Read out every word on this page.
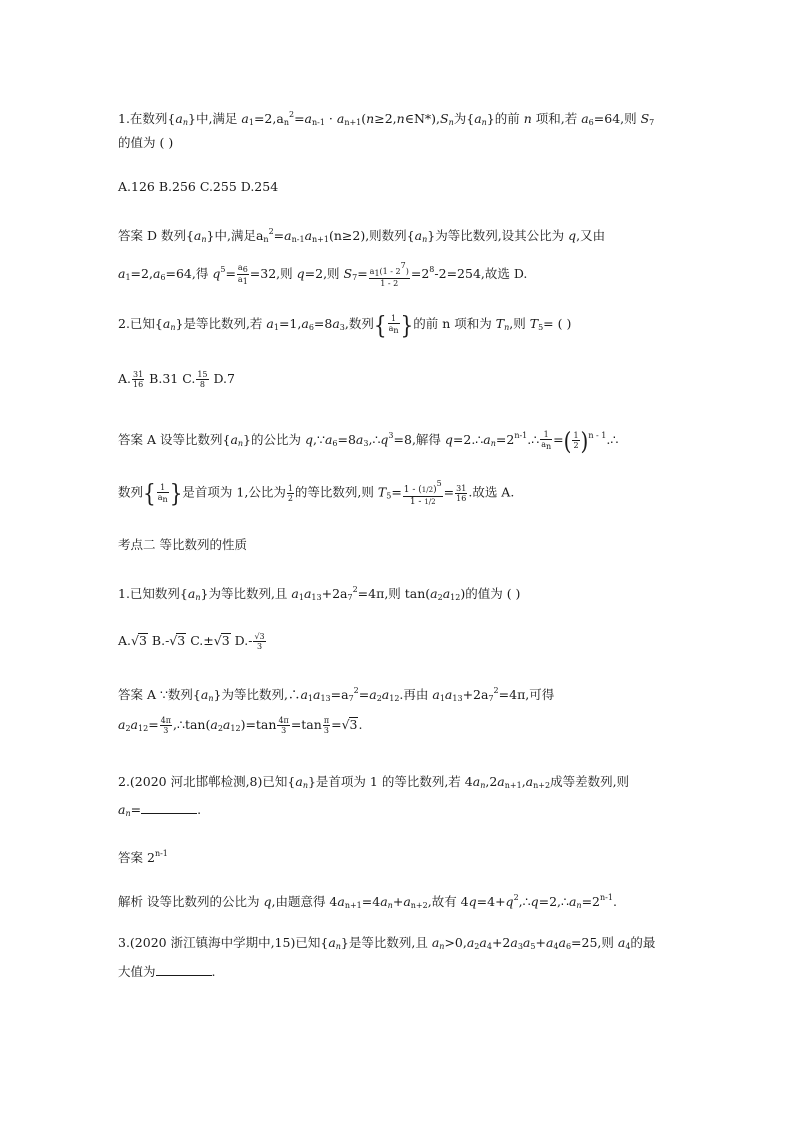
1.在数列$\{a_n\}$中,满足 $a_1=2,a_n^2=a_{n-1}$ · $a_{n+1}(n\ge 2,n\in N*),S_n$为$\{a_n\}$的前 n 项和,若 $a_6=64$,则 $S_7$
的值为 ( )
A.126 B.256 C.255 D.254
答案 D 数列$\{a_n\}$中,满足$a_n^2=a_{n-1}a_{n+1}(n\ge 2)$,则数列$\{a_n\}$为等比数列,设其公比为 q,又由
$a_1=2,a_6=64$,得 $q^5= \frac{a_6}{a_1} =32$,则 q=2,则 $S_7= \frac{a_1(1 - 2^7)}{1 - 2} =2^8-2=254$,故选 D.
2.已知$\{a_n\}$是等比数列,若 $a_1=1,a_6=8a_3$,数列{ $\frac{1}{a_n}$ }的前 n 项和为 $T_n$,则 $T_5=$ ( )
A. $\frac{31}{16} B.31$ C. $\frac{15}{8} D.7$
答案 A 设等比数列$\{a_n\}$的公比为 $q,\because a_6=8a_3,\therefore q^3=8$,解得 $q=2.\therefore a_n=2^{n-1}.\therefore \frac{1}{a_n}$ =( $\frac{1}{2}$ )$^{n - 1}$.∴
数列{ $\frac{1}{a_n}$ }是首项为 1,公比为 $\frac{1}{2}$ 的等比数列,则 $T_5= \frac{1 - (1/2)^5}{1 - 1/2} = \frac{31}{16}$ .故选 A.
考点二 等比数列的性质
1.已知数列$\{a_n\}$为等比数列,且 $a_1a_{13}+2a_7^2=4\pi$,则 $\tan(a_2a_{12})$的值为 ( )
A.√3 B.-√3 C.±√3 $D.- \frac{√3}{3}$
答案 A ∵数列$\{a_n\}$为等比数列$,\therefore a_1a_{13}=a_7^2=a_2a_{12}$.再由 $a_1a_{13}+2a_7^2=4\pi$,可得
$a_2a_{12}= \frac{4\pi}{3}$ $,\therefore\tan(a_2a_{12})=\tan \frac{4\pi}{3} =\tan \frac{\pi}{3} =√3$.
2.(2020 河北邯郸检测,8)已知$\{a_n\}$是首项为 1 的等比数列,若 $4a_n,2a_{n+1},a_{n+2}$成等差数列,则
$a_n=$	.
答案 2$^{n-1}$
解析 设等比数列的公比为 q,由题意得 $4a_{n+1}=4a_n+a_{n+2}$,故有 $4q=4+q^2,\therefore q=2,\therefore a_n=2^{n-1}$.
3.(2020 浙江镇海中学期中,15)已知$\{a_n\}$是等比数列,且 $a_n>0,a_2a_4+2a_3a_5+a_4a_6=25$,则 $a_4$的最
大值为	.
